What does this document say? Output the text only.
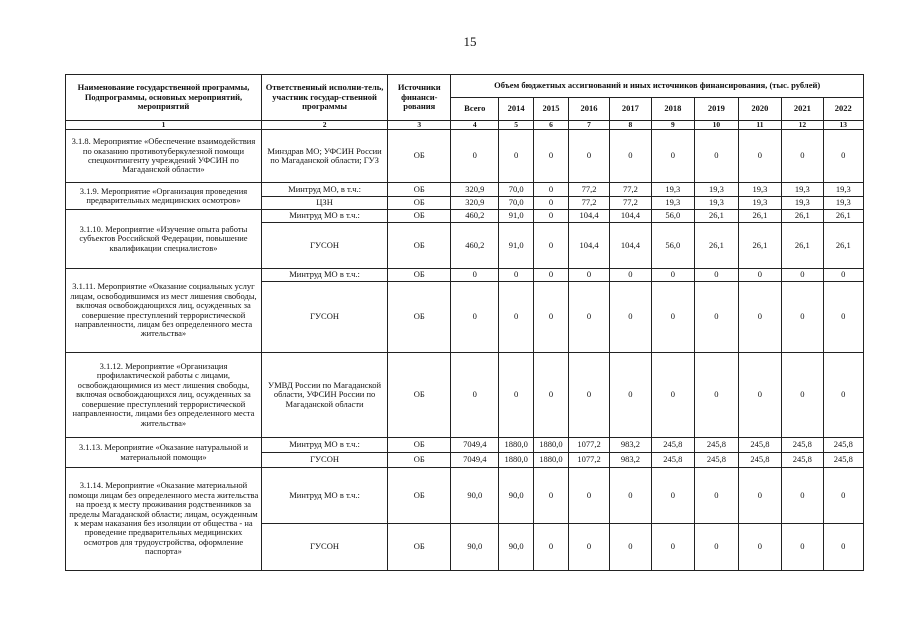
15
Наименование государственной программы, Подпрограммы, основных мероприятий, мероприятий	Ответственный исполни-тель, участник государ-ственной программы	Источники финанси-рования	Объем бюджетных ассигнований и иных источников финансирования, (тыс. рублей)									
			Всего	2014	2015	2016	2017	2018	2019	2020	2021	2022
1	2	3	4	5	6	7	8	9	10	11	12	13
3.1.8. Мероприятие «Обеспечение взаимодействия по оказанию противотуберкулезной помощи спецконтингенту учреждений УФСИН по Магаданской области»	Минздрав МО; УФСИН России по Магаданской области; ГУЗ	ОБ	0	0	0	0	0	0	0	0	0	0
3.1.9. Мероприятие «Организация проведения предварительных медицинских осмотров»	Минтруд МО, в т.ч.:	ОБ	320,9	70,0	0	77,2	77,2	19,3	19,3	19,3	19,3	19,3
	ЦЗН	ОБ	320,9	70,0	0	77,2	77,2	19,3	19,3	19,3	19,3	19,3
3.1.10. Мероприятие «Изучение опыта работы субъектов Российской Федерации, повышение квалификации специалистов»	Минтруд МО в т.ч.:	ОБ	460,2	91,0	0	104,4	104,4	56,0	26,1	26,1	26,1	26,1
	ГУСОН	ОБ	460,2	91,0	0	104,4	104,4	56,0	26,1	26,1	26,1	26,1
3.1.11. Мероприятие «Оказание социальных услуг лицам, освободившимся из мест лишения свободы, включая освобождающихся лиц, осужденных за совершение преступлений террористической направленности, лицам без определенного места жительства»	Минтруд МО в т.ч.:	ОБ	0	0	0	0	0	0	0	0	0	0
	ГУСОН	ОБ	0	0	0	0	0	0	0	0	0	0
3.1.12. Мероприятие «Организация профилактической работы с лицами, освобождающимися из мест лишения свободы, включая освобождающихся лиц, осужденных за совершение преступлений террористической направленности, лицами без определенного места жительства»	УМВД России по Магаданской области, УФСИН России по Магаданской области	ОБ	0	0	0	0	0	0	0	0	0	0
3.1.13. Мероприятие «Оказание натуральной и материальной помощи»	Минтруд МО в т.ч.:	ОБ	7049,4	1880,0	1880,0	1077,2	983,2	245,8	245,8	245,8	245,8	245,8
	ГУСОН	ОБ	7049,4	1880,0	1880,0	1077,2	983,2	245,8	245,8	245,8	245,8	245,8
3.1.14. Мероприятие «Оказание материальной помощи лицам без определенного места жительства на проезд к месту проживания родственников за пределы Магаданской области; лицам, осужденным к мерам наказания без изоляции от общества - на проведение предварительных медицинских осмотров для трудоустройства, оформление паспорта»	Минтруд МО в т.ч.:	ОБ	90,0	90,0	0	0	0	0	0	0	0	0
	ГУСОН	ОБ	90,0	90,0	0	0	0	0	0	0	0	0
